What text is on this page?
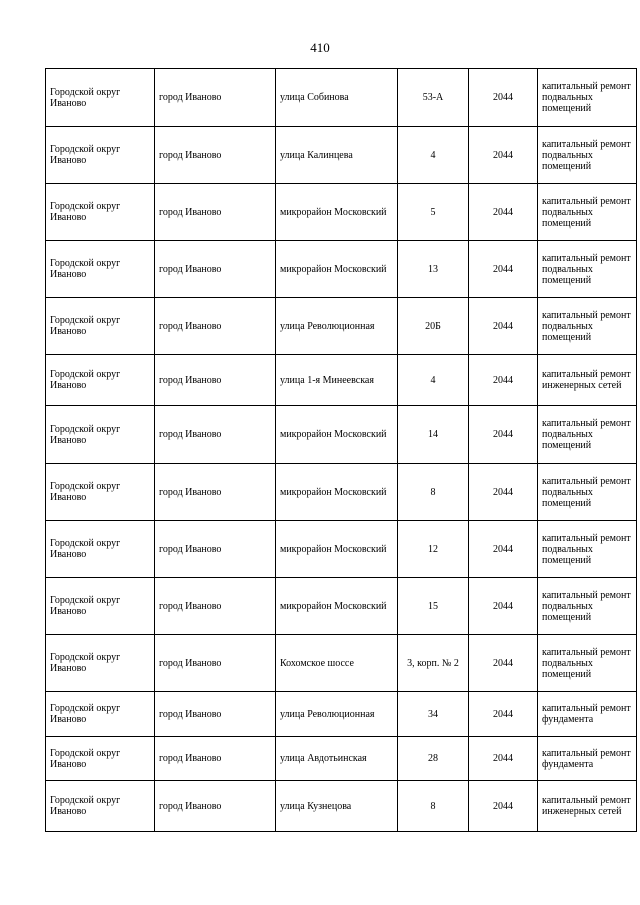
410
Городской округ Иваново	город Иваново	улица Собинова	53-А	2044	капитальный ремонт подвальных помещений
Городской округ Иваново	город Иваново	улица Калинцева	4	2044	капитальный ремонт подвальных помещений
Городской округ Иваново	город Иваново	микрорайон Московский	5	2044	капитальный ремонт подвальных помещений
Городской округ Иваново	город Иваново	микрорайон Московский	13	2044	капитальный ремонт подвальных помещений
Городской округ Иваново	город Иваново	улица Революционная	20Б	2044	капитальный ремонт подвальных помещений
Городской округ Иваново	город Иваново	улица 1-я Минеевская	4	2044	капитальный ремонт инженерных сетей
Городской округ Иваново	город Иваново	микрорайон Московский	14	2044	капитальный ремонт подвальных помещений
Городской округ Иваново	город Иваново	микрорайон Московский	8	2044	капитальный ремонт подвальных помещений
Городской округ Иваново	город Иваново	микрорайон Московский	12	2044	капитальный ремонт подвальных помещений
Городской округ Иваново	город Иваново	микрорайон Московский	15	2044	капитальный ремонт подвальных помещений
Городской округ Иваново	город Иваново	Кохомское шоссе	3, корп. № 2	2044	капитальный ремонт подвальных помещений
Городской округ Иваново	город Иваново	улица Революционная	34	2044	капитальный ремонт фундамента
Городской округ Иваново	город Иваново	улица Авдотьинская	28	2044	капитальный ремонт фундамента
Городской округ Иваново	город Иваново	улица Кузнецова	8	2044	капитальный ремонт инженерных сетей
